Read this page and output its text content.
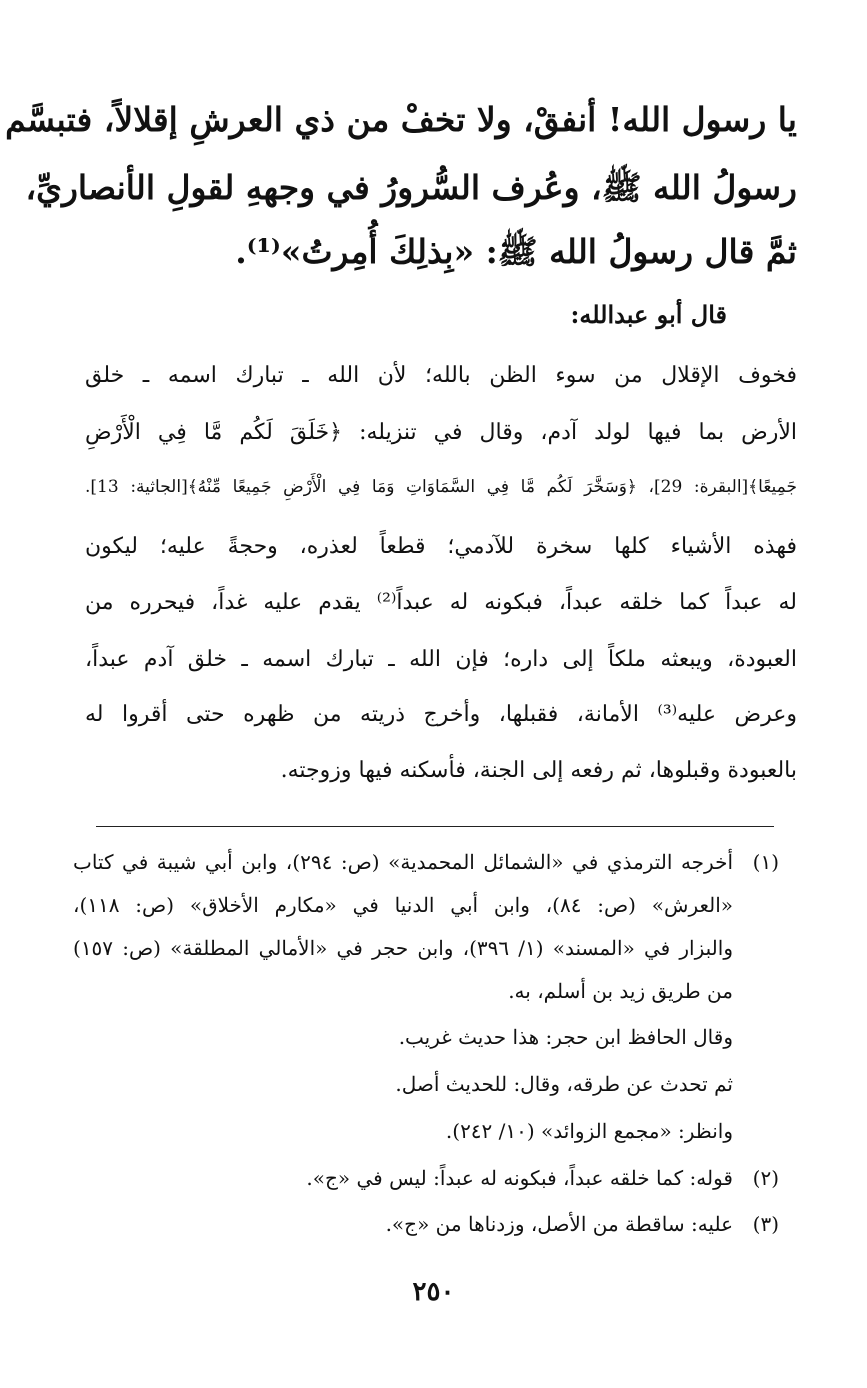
يا رسول الله! أنفقْ، ولا تخفْ من ذي العرشِ إقلالاً، فتبسَّم
رسولُ الله ﷺ، وعُرف السُّرورُ في وجههِ لقولِ الأنصاريِّ،
ثمَّ قال رسولُ الله ﷺ: «بِذلِكَ أُمِرتُ»⁽¹⁾.
قال أبو عبدالله:
فخوف الإقلال من سوء الظن بالله؛ لأن الله ـ تبارك اسمه ـ خلق
الأرض بما فيها لولد آدم، وقال في تنزيله: ﴿خَلَقَ لَكُم مَّا فِي الْأَرْضِ
جَمِيعًا﴾[البقرة: 29]، ﴿وَسَخَّرَ لَكُم مَّا فِي السَّمَاوَاتِ وَمَا فِي الْأَرْضِ جَمِيعًا مِّنْهُ﴾[الجاثية: 13].
فهذه الأشياء كلها سخرة للآدمي؛ قطعاً لعذره، وحجةً عليه؛ ليكون
له عبداً كما خلقه عبداً، فبكونه له عبداً⁽²⁾ يقدم عليه غداً، فيحرره من
العبودة، ويبعثه ملكاً إلى داره؛ فإن الله ـ تبارك اسمه ـ خلق آدم عبداً،
وعرض عليه⁽³⁾ الأمانة، فقبلها، وأخرج ذريته من ظهره حتى أقروا له
بالعبودة وقبلوها، ثم رفعه إلى الجنة، فأسكنه فيها وزوجته.
(١)
أخرجه الترمذي في «الشمائل المحمدية» (ص: ٢٩٤)، وابن أبي شيبة في كتاب
«العرش» (ص: ٨٤)، وابن أبي الدنيا في «مكارم الأخلاق» (ص: ١١٨)،
والبزار في «المسند» (١/ ٣٩٦)، وابن حجر في «الأمالي المطلقة» (ص: ١٥٧)
من طريق زيد بن أسلم، به.
وقال الحافظ ابن حجر: هذا حديث غريب.
ثم تحدث عن طرقه، وقال: للحديث أصل.
وانظر: «مجمع الزوائد» (١٠/ ٢٤٢).
(٢)
قوله: كما خلقه عبداً، فبكونه له عبداً: ليس في «ج».
(٣)
عليه: ساقطة من الأصل، وزدناها من «ج».
٢٥٠
